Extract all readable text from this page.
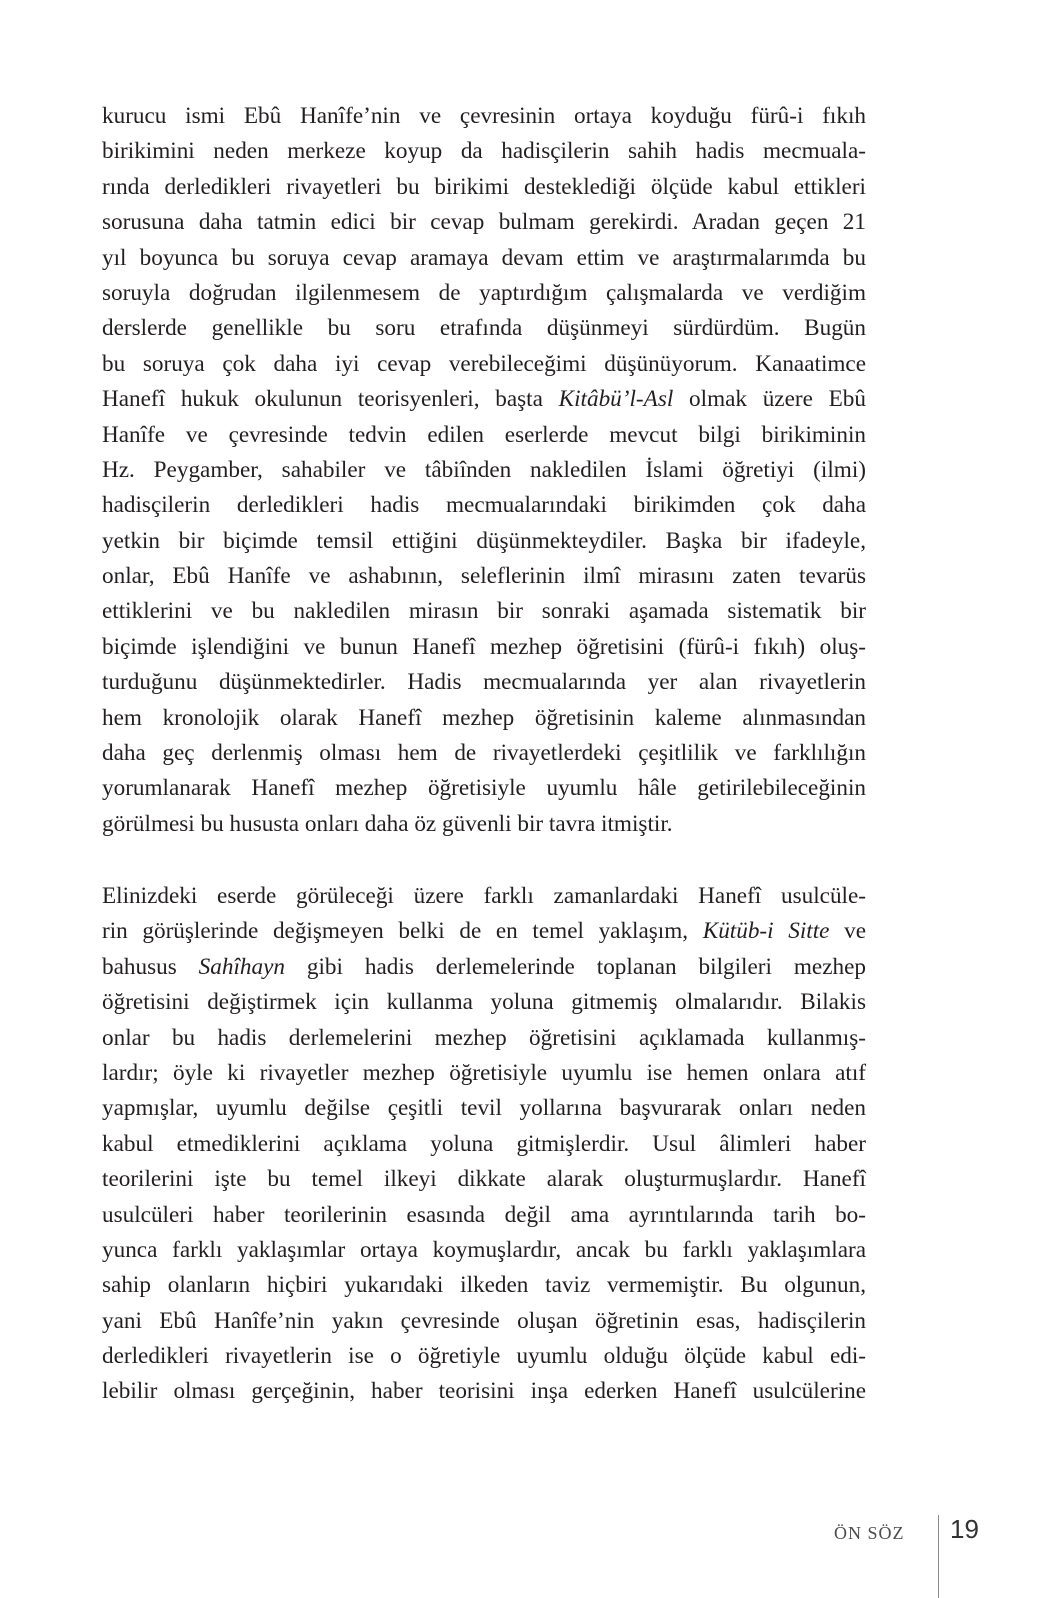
kurucu ismi Ebû Hanîfe’nin ve çevresinin ortaya koyduğu fürû-i fıkıh
birikimini neden merkeze koyup da hadisçilerin sahih hadis mecmuala-
rında derledikleri rivayetleri bu birikimi desteklediği ölçüde kabul ettikleri
sorusuna daha tatmin edici bir cevap bulmam gerekirdi. Aradan geçen 21
yıl boyunca bu soruya cevap aramaya devam ettim ve araştırmalarımda bu
soruyla doğrudan ilgilenmesem de yaptırdığım çalışmalarda ve verdiğim
derslerde genellikle bu soru etrafında düşünmeyi sürdürdüm. Bugün
bu soruya çok daha iyi cevap verebileceğimi düşünüyorum. Kanaatimce
Hanefî hukuk okulunun teorisyenleri, başta Kitâbü’l-Asl olmak üzere Ebû
Hanîfe ve çevresinde tedvin edilen eserlerde mevcut bilgi birikiminin
Hz. Peygamber, sahabiler ve tâbiînden nakledilen İslami öğretiyi (ilmi)
hadisçilerin derledikleri hadis mecmualarındaki birikimden çok daha
yetkin bir biçimde temsil ettiğini düşünmekteydiler. Başka bir ifadeyle,
onlar, Ebû Hanîfe ve ashabının, seleflerinin ilmî mirasını zaten tevarüs
ettiklerini ve bu nakledilen mirasın bir sonraki aşamada sistematik bir
biçimde işlendiğini ve bunun Hanefî mezhep öğretisini (fürû-i fıkıh) oluş-
turduğunu düşünmektedirler. Hadis mecmualarında yer alan rivayetlerin
hem kronolojik olarak Hanefî mezhep öğretisinin kaleme alınmasından
daha geç derlenmiş olması hem de rivayetlerdeki çeşitlilik ve farklılığın
yorumlanarak Hanefî mezhep öğretisiyle uyumlu hâle getirilebileceğinin
görülmesi bu hususta onları daha öz güvenli bir tavra itmiştir.
Elinizdeki eserde görüleceği üzere farklı zamanlardaki Hanefî usulcüle-
rin görüşlerinde değişmeyen belki de en temel yaklaşım, Kütüb-i Sitte ve
bahusus Sahîhayn gibi hadis derlemelerinde toplanan bilgileri mezhep
öğretisini değiştirmek için kullanma yoluna gitmemiş olmalarıdır. Bilakis
onlar bu hadis derlemelerini mezhep öğretisini açıklamada kullanmış-
lardır; öyle ki rivayetler mezhep öğretisiyle uyumlu ise hemen onlara atıf
yapmışlar, uyumlu değilse çeşitli tevil yollarına başvurarak onları neden
kabul etmediklerini açıklama yoluna gitmişlerdir. Usul âlimleri haber
teorilerini işte bu temel ilkeyi dikkate alarak oluşturmuşlardır. Hanefî
usulcüleri haber teorilerinin esasında değil ama ayrıntılarında tarih bo-
yunca farklı yaklaşımlar ortaya koymuşlardır, ancak bu farklı yaklaşımlara
sahip olanların hiçbiri yukarıdaki ilkeden taviz vermemiştir. Bu olgunun,
yani Ebû Hanîfe’nin yakın çevresinde oluşan öğretinin esas, hadisçilerin
derledikleri rivayetlerin ise o öğretiyle uyumlu olduğu ölçüde kabul edi-
lebilir olması gerçeğinin, haber teorisini inşa ederken Hanefî usulcülerine
ÖN SÖZ 19
